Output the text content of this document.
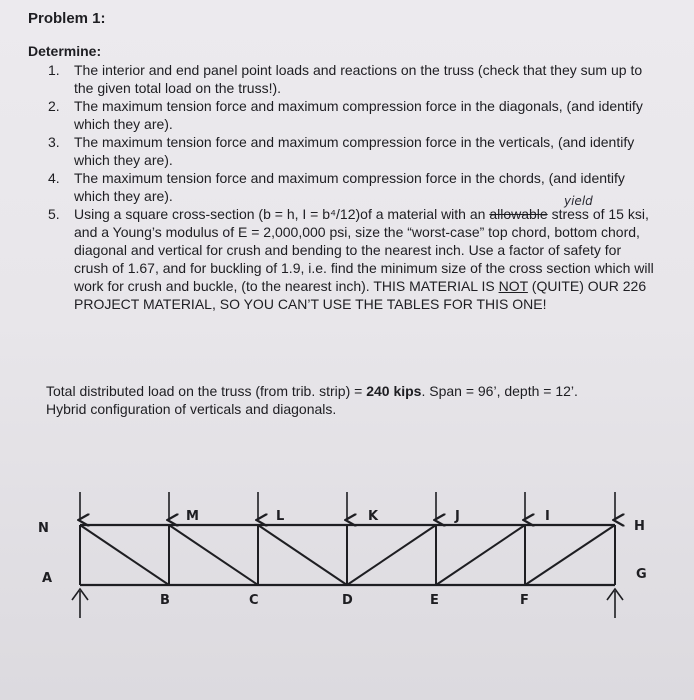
Problem 1:
Determine:
1. The interior and end panel point loads and reactions on the truss (check that they sum up to the given total load on the truss!).
2. The maximum tension force and maximum compression force in the diagonals, (and identify which they are).
3. The maximum tension force and maximum compression force in the verticals, (and identify which they are).
4. The maximum tension force and maximum compression force in the chords, (and identify which they are).
5. Using a square cross-section (b = h, I = b⁴/12)of a material with an allowable stress of 15 ksi, and a Young’s modulus of E = 2,000,000 psi, size the “worst-case” top chord, bottom chord, diagonal and vertical for crush and bending to the nearest inch. Use a factor of safety for crush of 1.67, and for buckling of 1.9, i.e. find the minimum size of the cross section which will work for crush and buckle, (to the nearest inch). THIS MATERIAL IS NOT (QUITE) OUR 226 PROJECT MATERIAL, SO YOU CAN’T USE THE TABLES FOR THIS ONE!
yield
Total distributed load on the truss (from trib. strip) = 240 kips. Span = 96’, depth = 12’.
Hybrid configuration of verticals and diagonals.
N
M	L	K	J	I
H
A
B	C	D	E	F
G
